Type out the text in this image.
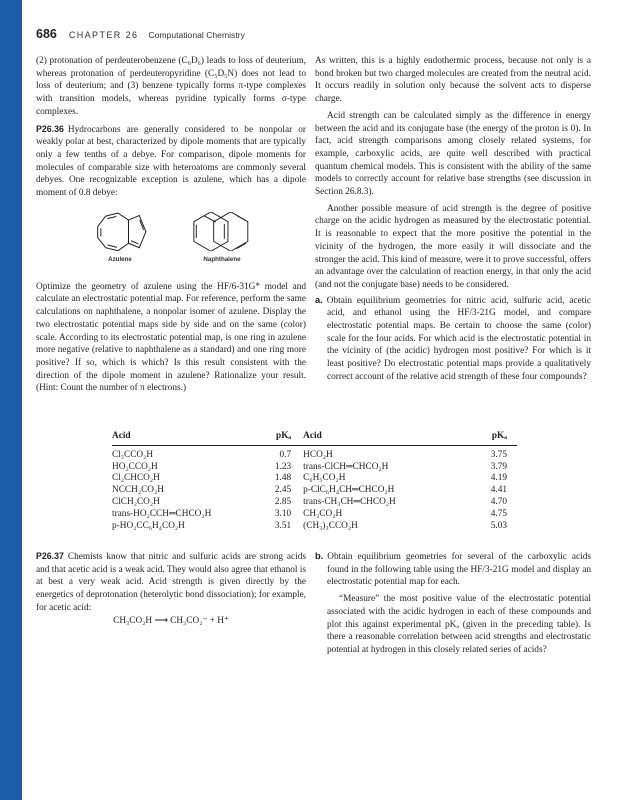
686 CHAPTER 26 Computational Chemistry

(2) protonation of perdeuterobenzene (C₆D₆) leads to loss of deuterium, whereas protonation of perdeuteropyridine (C₅D₅N) does not lead to loss of deuterium; and (3) benzene typically forms π-type complexes with transition models, whereas pyridine typically forms σ-type complexes.

P26.36 Hydrocarbons are generally considered to be nonpolar or weakly polar at best, characterized by dipole moments that are typically only a few tenths of a debye. For comparison, dipole moments for molecules of comparable size with heteroatoms are commonly several debyes. One recognizable exception is azulene, which has a dipole moment of 0.8 debye:

Azulene	Naphthalene

Optimize the geometry of azulene using the HF/6-31G* model and calculate an electrostatic potential map. For reference, perform the same calculations on naphthalene, a nonpolar isomer of azulene. Display the two electrostatic potential maps side by side and on the same (color) scale. According to its electrostatic potential map, is one ring in azulene more negative (relative to naphthalene as a standard) and one ring more positive? If so, which is which? Is this result consistent with the direction of the dipole moment in azulene? Rationalize your result. (Hint: Count the number of π electrons.)

As written, this is a highly endothermic process, because not only is a bond broken but two charged molecules are created from the neutral acid. It occurs readily in solution only because the solvent acts to disperse charge.

Acid strength can be calculated simply as the difference in energy between the acid and its conjugate base (the energy of the proton is 0). In fact, acid strength comparisons among closely related systems, for example, carboxylic acids, are quite well described with practical quantum chemical models. This is consistent with the ability of the same models to correctly account for relative base strengths (see discussion in Section 26.8.3).

Another possible measure of acid strength is the degree of positive charge on the acidic hydrogen as measured by the electrostatic potential. It is reasonable to expect that the more positive the potential in the vicinity of the hydrogen, the more easily it will dissociate and the stronger the acid. This kind of measure, were it to prove successful, offers an advantage over the calculation of reaction energy, in that only the acid (and not the conjugate base) needs to be considered.

a. Obtain equilibrium geometries for nitric acid, sulfuric acid, acetic acid, and ethanol using the HF/3-21G model, and compare electrostatic potential maps. Be certain to choose the same (color) scale for the four acids. For which acid is the electrostatic potential in the vicinity of (the acidic) hydrogen most positive? For which is it least positive? Do electrostatic potential maps provide a qualitatively correct account of the relative acid strength of these four compounds?

Acid	pKₐ	Acid	pKₐ
Cl₃CCO₂H	0.7	HCO₂H	3.75
HO₂CCO₂H	1.23	trans-ClCH═CHCO₂H	3.79
Cl₂CHCO₂H	1.48	C₆H₅CO₂H	4.19
NCCH₂CO₂H	2.45	p-ClC₆H₄CH═CHCO₂H	4.41
ClCH₂CO₂H	2.85	trans-CH₃CH═CHCO₂H	4.70
trans-HO₂CCH═CHCO₂H	3.10	CH₃CO₂H	4.75
p-HO₂CC₆H₄CO₂H	3.51	(CH₃)₃CCO₂H	5.03

P26.37 Chemists know that nitric and sulfuric acids are strong acids and that acetic acid is a weak acid. They would also agree that ethanol is at best a very weak acid. Acid strength is given directly by the energetics of deprotonation (heterolytic bond dissociation); for example, for acetic acid:

CH₃CO₂H ⟶ CH₃CO₂⁻ + H⁺

b. Obtain equilibrium geometries for several of the carboxylic acids found in the following table using the HF/3-21G model and display an electrostatic potential map for each.

“Measure” the most positive value of the electrostatic potential associated with the acidic hydrogen in each of these compounds and plot this against experimental pKₐ (given in the preceding table). Is there a reasonable correlation between acid strengths and electrostatic potential at hydrogen in this closely related series of acids?
